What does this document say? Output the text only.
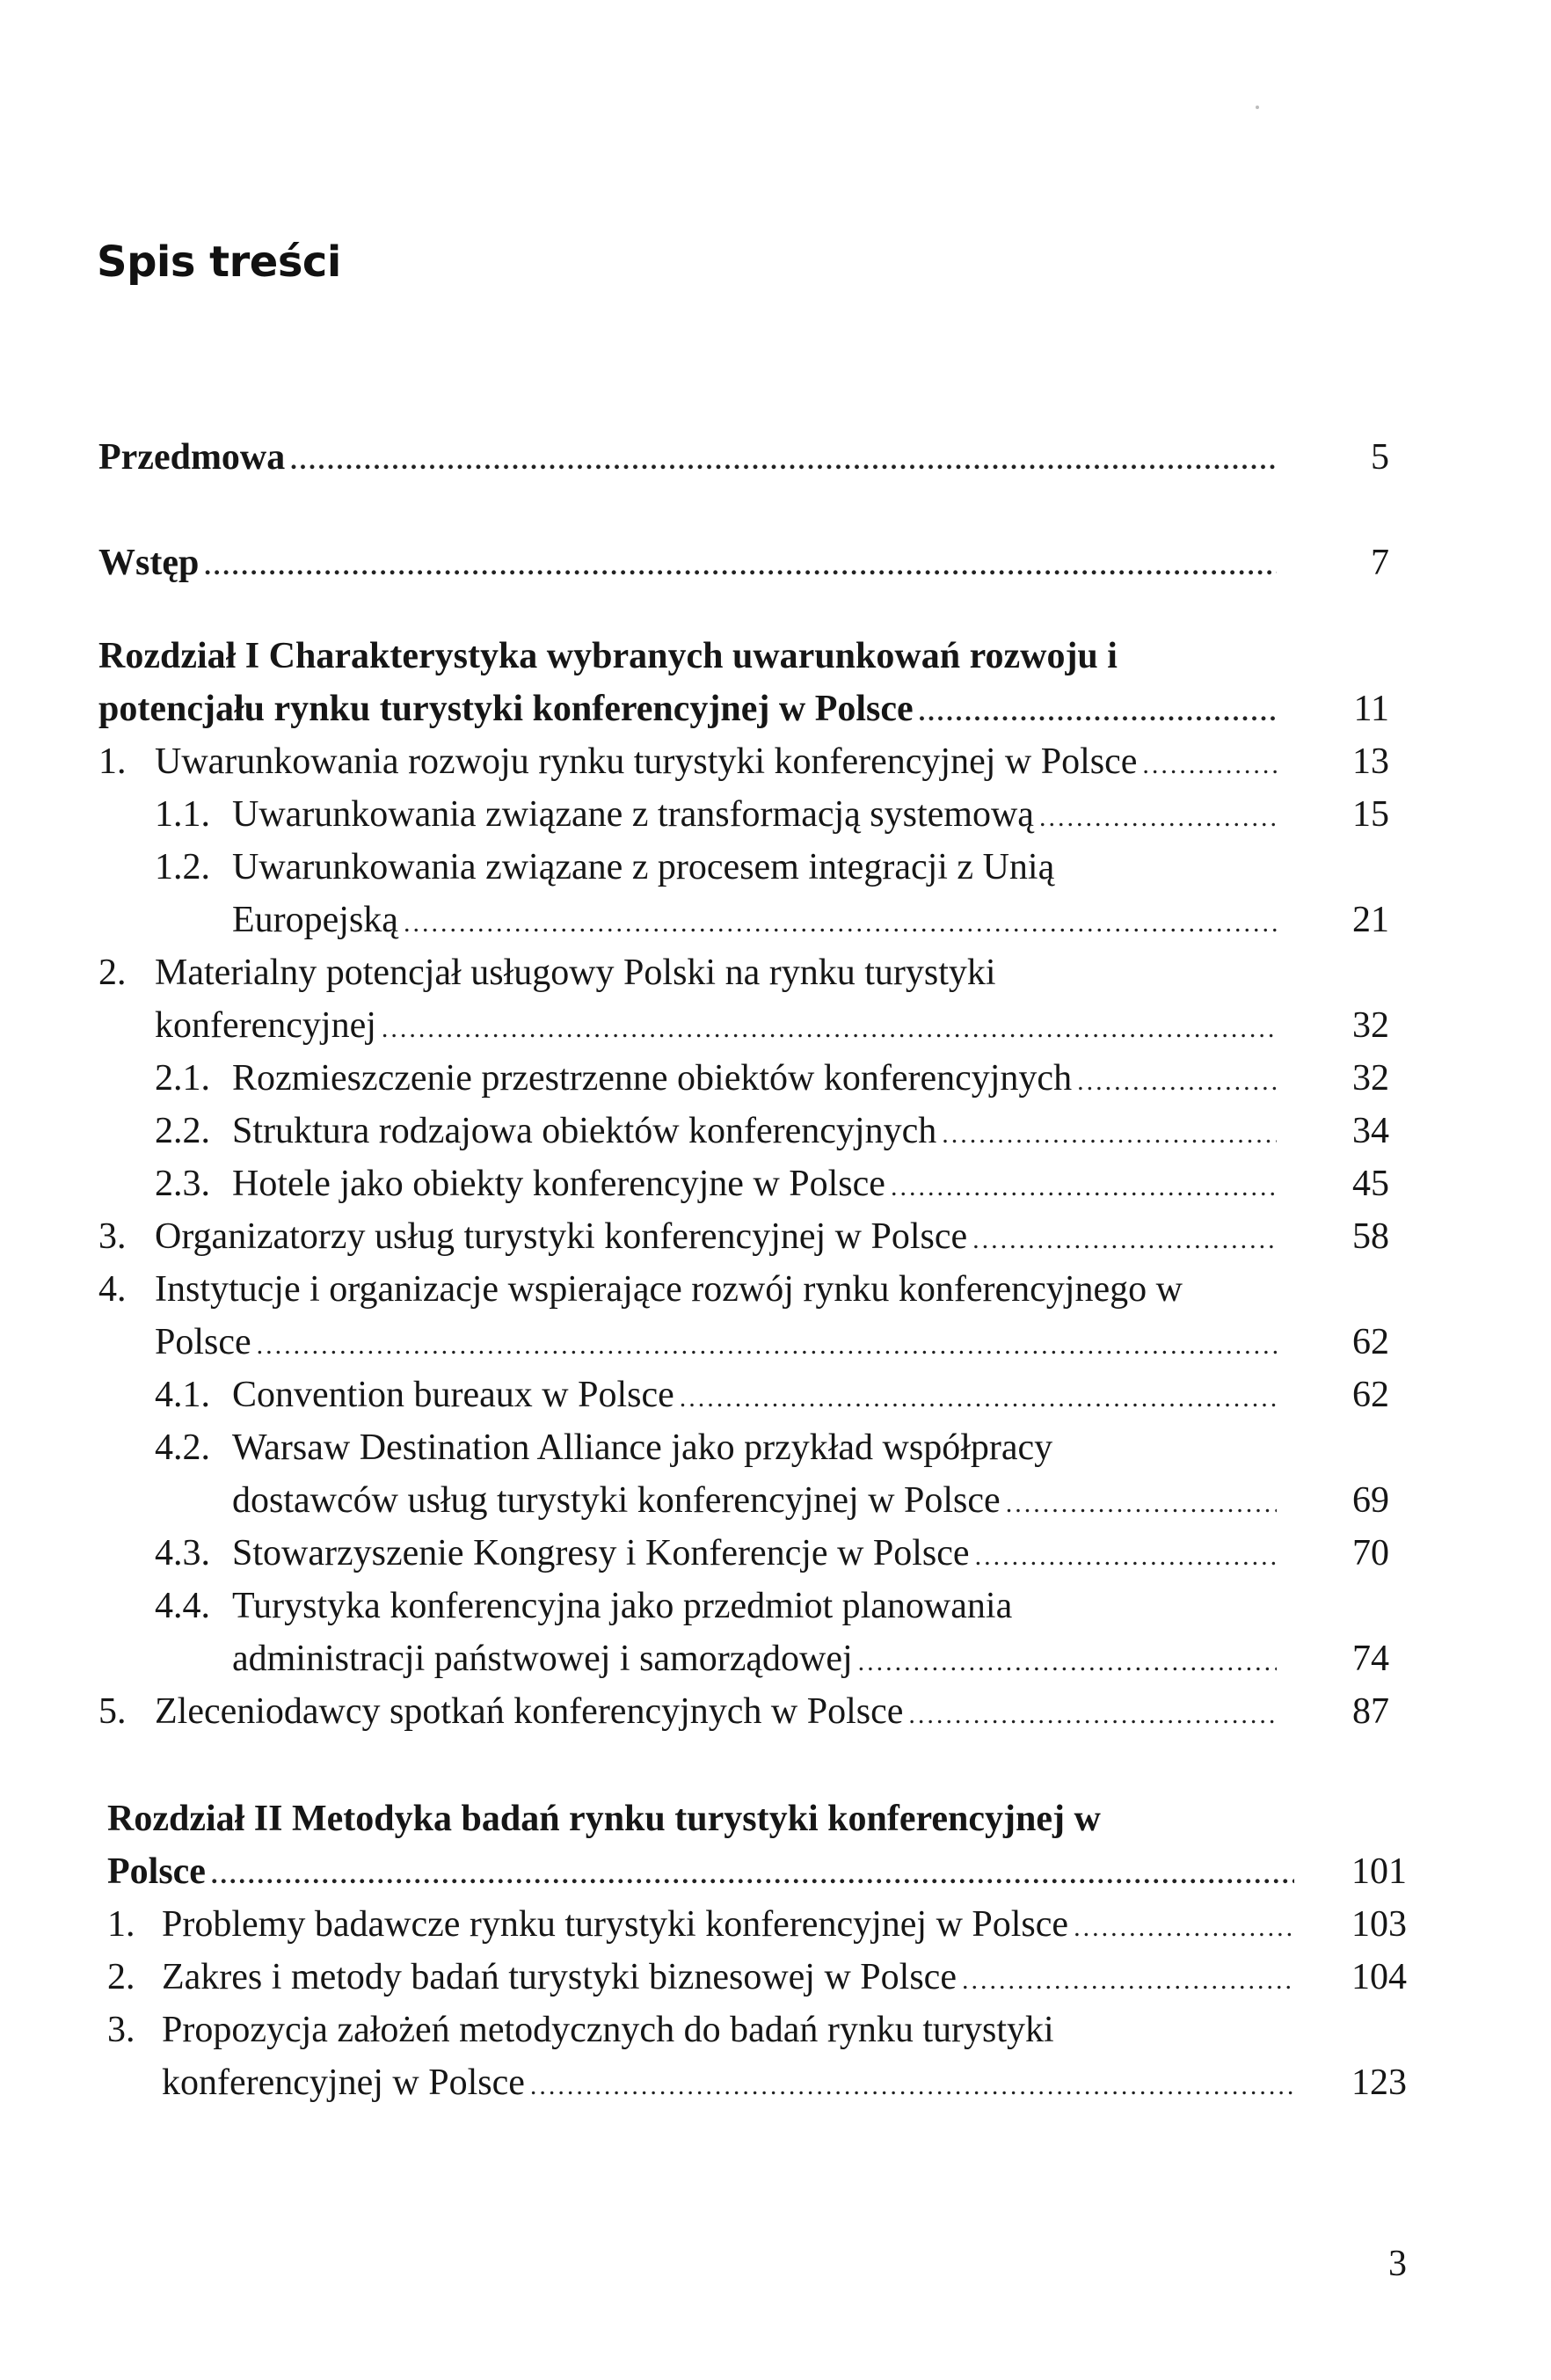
Spis treści
Przedmowa .....	5
Wstęp .....	7
Rozdział I Charakterystyka wybranych uwarunkowań rozwoju i
potencjału rynku turystyki konferencyjnej w Polsce .....	11
1. Uwarunkowania rozwoju rynku turystyki konferencyjnej w Polsce .....	13
1.1. Uwarunkowania związane z transformacją systemową .....	15
1.2. Uwarunkowania związane z procesem integracji z Unią
Europejską .....	21
2. Materialny potencjał usługowy Polski na rynku turystyki
konferencyjnej .....	32
2.1. Rozmieszczenie przestrzenne obiektów konferencyjnych .....	32
2.2. Struktura rodzajowa obiektów konferencyjnych .....	34
2.3. Hotele jako obiekty konferencyjne w Polsce .....	45
3. Organizatorzy usług turystyki konferencyjnej w Polsce .....	58
4. Instytucje i organizacje wspierające rozwój rynku konferencyjnego w
Polsce .....	62
4.1. Convention bureaux w Polsce .....	62
4.2. Warsaw Destination Alliance jako przykład współpracy
dostawców usług turystyki konferencyjnej w Polsce .....	69
4.3. Stowarzyszenie Kongresy i Konferencje w Polsce .....	70
4.4. Turystyka konferencyjna jako przedmiot planowania
administracji państwowej i samorządowej .....	74
5. Zleceniodawcy spotkań konferencyjnych w Polsce .....	87
Rozdział II Metodyka badań rynku turystyki konferencyjnej w
Polsce .....	101
1. Problemy badawcze rynku turystyki konferencyjnej w Polsce .....	103
2. Zakres i metody badań turystyki biznesowej w Polsce .....	104
3. Propozycja założeń metodycznych do badań rynku turystyki
konferencyjnej w Polsce .....	123
3
